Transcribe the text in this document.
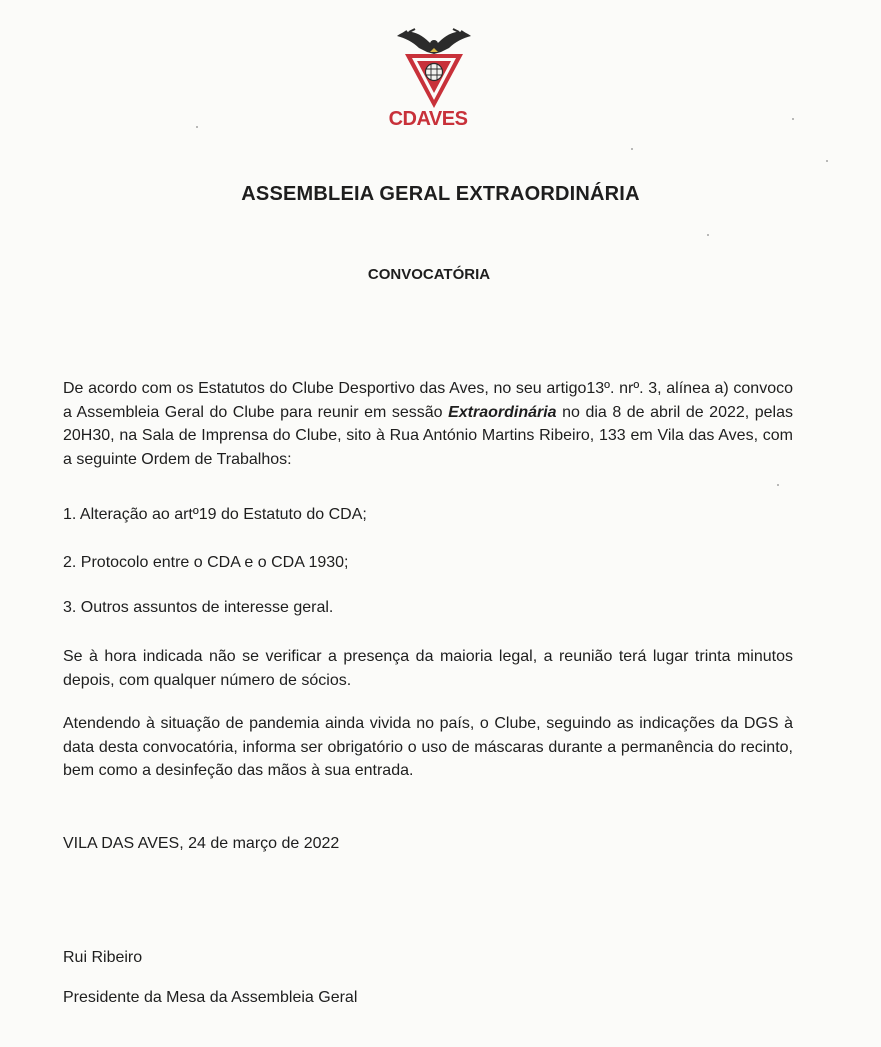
CDAVES
ASSEMBLEIA GERAL EXTRAORDINÁRIA
CONVOCATÓRIA
De acordo com os Estatutos do Clube Desportivo das Aves, no seu artigo13º. nrº. 3, alínea a) convoco a Assembleia Geral do Clube para reunir em sessão Extraordinária no dia 8 de abril de 2022, pelas 20H30, na Sala de Imprensa do Clube, sito à Rua António Martins Ribeiro, 133 em Vila das Aves, com a seguinte Ordem de Trabalhos:
1. Alteração ao artº19 do Estatuto do CDA;
2. Protocolo entre o CDA e o CDA 1930;
3. Outros assuntos de interesse geral.
Se à hora indicada não se verificar a presença da maioria legal, a reunião terá lugar trinta minutos depois, com qualquer número de sócios.
Atendendo à situação de pandemia ainda vivida no país, o Clube, seguindo as indicações da DGS à data desta convocatória, informa ser obrigatório o uso de máscaras durante a permanência do recinto, bem como a desinfeção das mãos à sua entrada.
VILA DAS AVES, 24 de março de 2022
Rui Ribeiro
Presidente da Mesa da Assembleia Geral
